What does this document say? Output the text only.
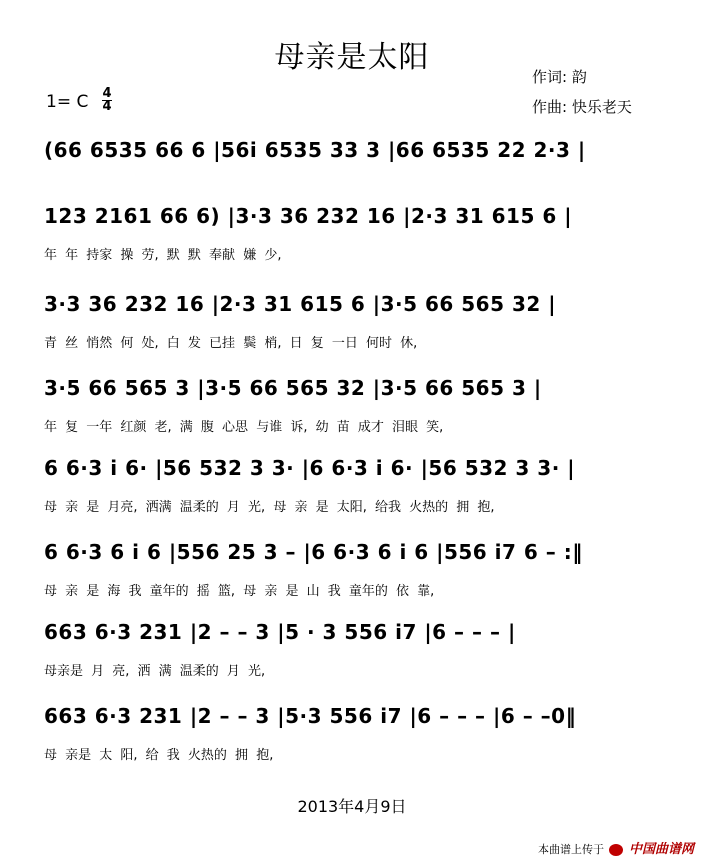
母亲是太阳
作词: 韵
作曲: 快乐老天
1= C 4
4
(66 6535 66 6 |56i 6535 33 3 |66 6535 22 2·3 |
123 2161 66 6) |3·3 36 232 16 |2·3 31 615 6 |
年 年 持家 操 劳, 默 默 奉献 嫌 少,
3·3 36 232 16 |2·3 31 615 6 |3·5 66 565 32 |
青 丝 悄然 何 处, 白 发 已挂 鬓 梢, 日 复 一日 何时 休,
3·5 66 565 3 |3·5 66 565 32 |3·5 66 565 3 |
年 复 一年 红颜 老, 满 腹 心思 与谁 诉, 幼 苗 成才 泪眼 笑,
6 6·3 i 6· |56 532 3 3· |6 6·3 i 6· |56 532 3 3· |
母 亲 是 月亮, 洒满 温柔的 月 光, 母 亲 是 太阳, 给我 火热的 拥 抱,
6 6·3 6 i 6 |556 25 3 – |6 6·3 6 i 6 |556 i7 6 – :‖
母 亲 是 海 我 童年的 摇 篮, 母 亲 是 山 我 童年的 依 靠,
663 6·3 231 |2 – – 3 |5 · 3 556 i7 |6 – – – |
母亲是 月 亮, 洒 满 温柔的 月 光,
663 6·3 231 |2 – – 3 |5·3 556 i7 |6 – – – |6 – –0‖
母 亲是 太 阳, 给 我 火热的 拥 抱,
2013年4月9日
本曲谱上传于 中国曲谱网
